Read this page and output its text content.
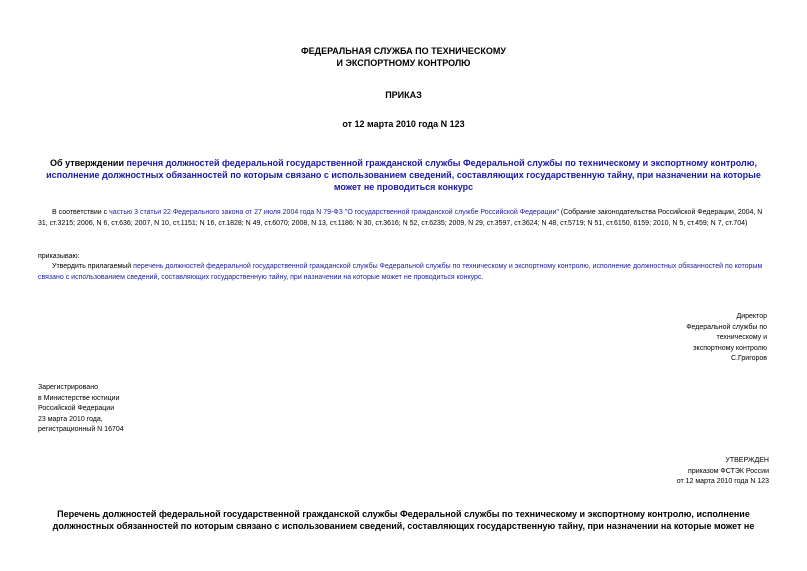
ФЕДЕРАЛЬНАЯ СЛУЖБА ПО ТЕХНИЧЕСКОМУ
И ЭКСПОРТНОМУ КОНТРОЛЮ
ПРИКАЗ
от 12 марта 2010 года N 123
Об утверждении перечня должностей федеральной государственной гражданской службы Федеральной службы по техническому и экспортному контролю, исполнение должностных обязанностей по которым связано с использованием сведений, составляющих государственную тайну, при назначении на которые может не проводиться конкурс
В соответствии с частью 3 статьи 22 Федерального закона от 27 июля 2004 года N 79-ФЗ "О государственной гражданской службе Российской Федерации" (Собрание законодательства Российской Федерации, 2004, N 31, ст.3215; 2006, N 6, ст.636; 2007, N 10, ст.1151; N 16, ст.1828; N 49, ст.6070; 2008, N 13, ст.1186; N 30, ст.3616; N 52, ст.6235; 2009, N 29, ст.3597, ст.3624; N 48, ст.5719; N 51, ст.6150, 6159; 2010, N 5, ст.459; N 7, ст.704)
приказываю:
Утвердить прилагаемый перечень должностей федеральной государственной гражданской службы Федеральной службы по техническому и экспортному контролю, исполнение должностных обязанностей по которым связано с использованием сведений, составляющих государственную тайну, при назначении на которые может не проводиться конкурс.
Директор
Федеральной службы по
техническому и
экспортному контролю
С.Григоров
Зарегистрировано
в Министерстве юстиции
Российской Федерации
23 марта 2010 года,
регистрационный N 16704
УТВЕРЖДЕН
приказом ФСТЭК России
от 12 марта 2010 года N 123
Перечень должностей федеральной государственной гражданской службы Федеральной службы по техническому и экспортному контролю, исполнение должностных обязанностей по которым связано с использованием сведений, составляющих государственную тайну, при назначении на которые может не
